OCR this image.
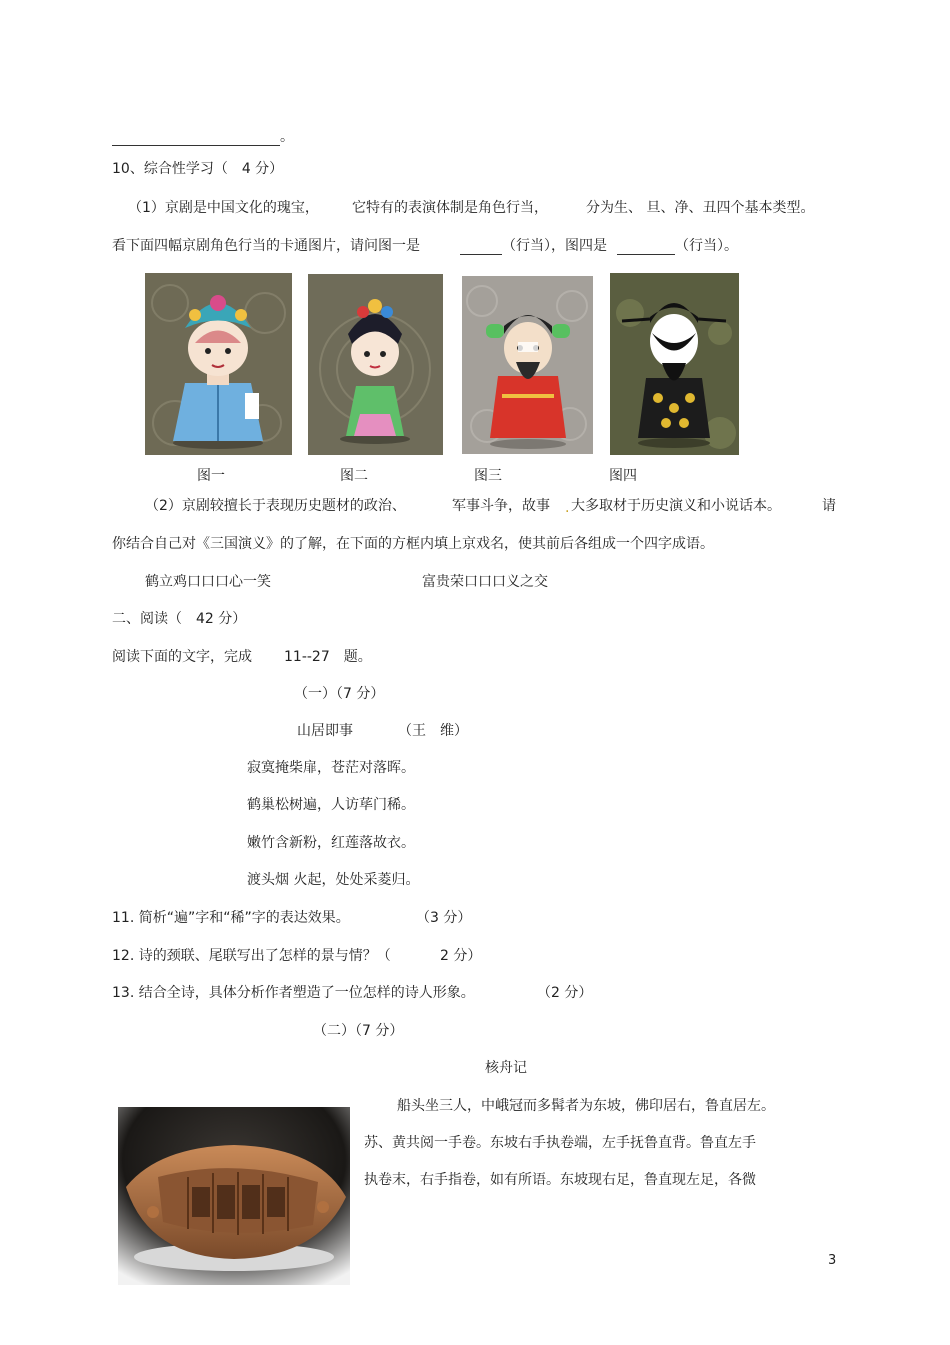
。
10、综合性学习（　4 分）
（1）京剧是中国文化的瑰宝， 它特有的表演体制是角色行当，	分为生、 旦、净、丑四个基本类型。
看下面四幅京剧角色行当的卡通图片，请问图一是	（行当），图四是	（行当）。
图一	图二	图三	图四
（2）京剧较擅长于表现历史题材的政治、	军事斗争，故事 . 大多取材于历史演义和小说话本。	请
你结合自己对《三国演义》的了解，在下面的方框内填上京戏名，使其前后各组成一个四字成语。
鹤立鸡口口口心一笑	富贵荣口口口义之交
二、阅读（　42 分）
阅读下面的文字，完成 11--27　题。
（一）（7 分）
山居即事	（王　维）
寂寞掩柴扉，苍茫对落晖。
鹤巢松树遍，人访荜门稀。
嫩竹含新粉，红莲落故衣。
渡头烟 火起，处处采菱归。
11. 简析“遍”字和“稀”字的表达效果。	（3 分）
12. 诗的颈联、尾联写出了怎样的景与情？（	2 分）
13. 结合全诗，具体分析作者塑造了一位怎样的诗人形象。	（2 分）
（二）（7 分）
核舟记
船头坐三人，中峨冠而多髯者为东坡，佛印居右，鲁直居左。
苏、黄共阅一手卷。东坡右手执卷端，左手抚鲁直背。鲁直左手
执卷末，右手指卷，如有所语。东坡现右足，鲁直现左足，各微
3
